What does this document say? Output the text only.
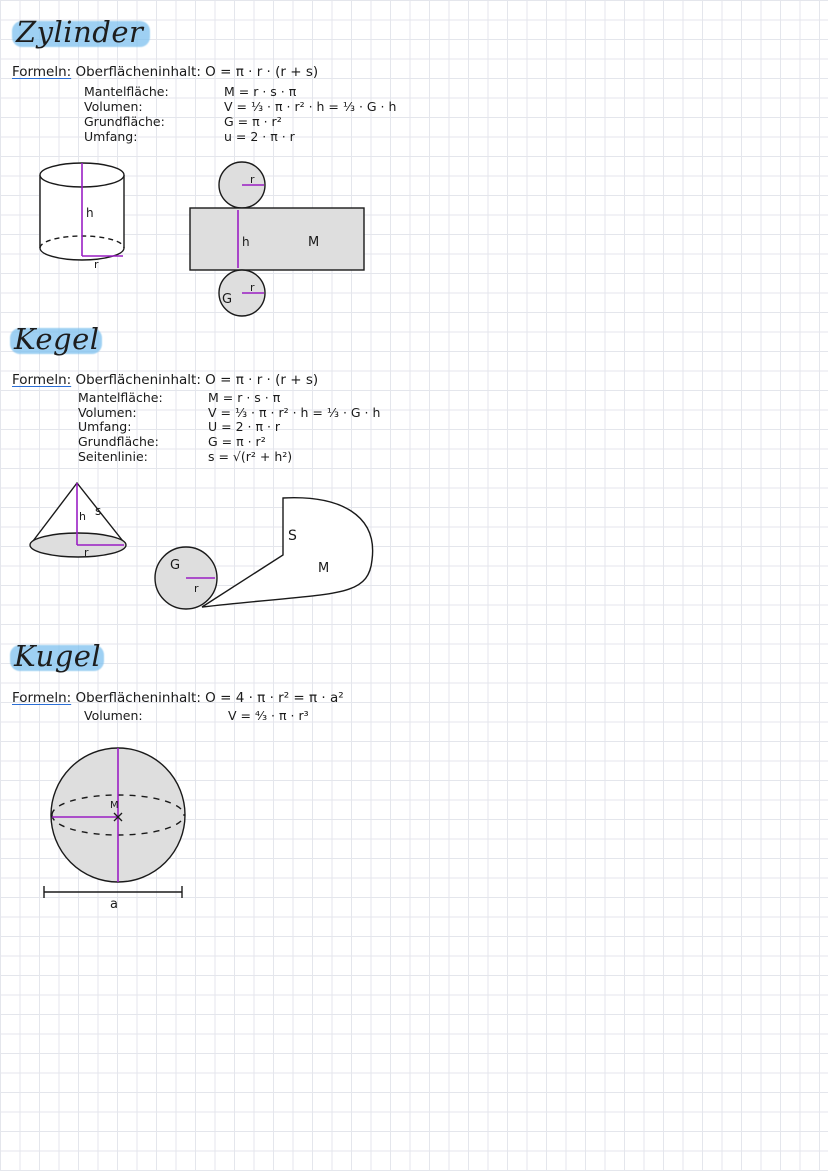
Zylinder
Formeln: Oberflächeninhalt: O = π · r · (r + s)
Mantelfläche:	M = r · s · π
Volumen:	V = ⅓ · π · r² · h = ⅓ · G · h
Grundfläche:	G = π · r²
Umfang:	u = 2 · π · r
Kegel
Formeln: Oberflächeninhalt: O = π · r · (r + s)
Mantelfläche:	M = r · s · π
Volumen:	V = ⅓ · π · r² · h = ⅓ · G · h
Umfang:	U = 2 · π · r
Grundfläche:	G = π · r²
Seitenlinie:	s = √(r² + h²)
Kugel
Formeln: Oberflächeninhalt: O = 4 · π · r² = π · a²
Volumen:	V = ⁴⁄₃ · π · r³
h
r
r
h	M
G
r
h s
r
G
r
S
M
M
a
